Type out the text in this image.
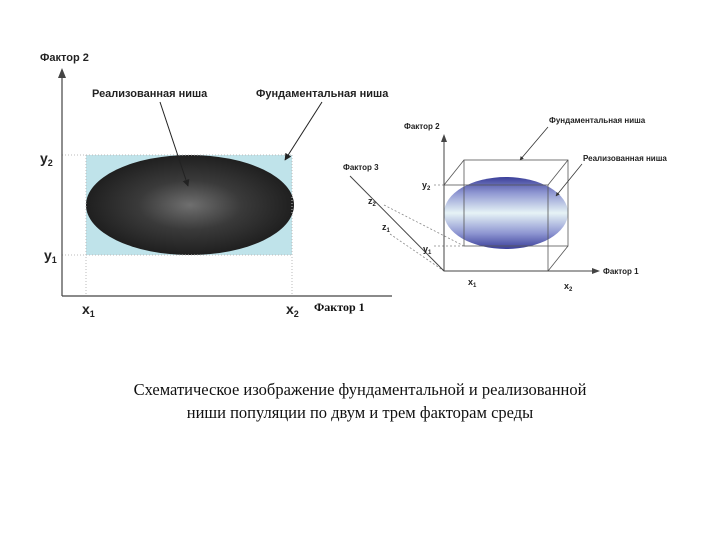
Фактор 2
Реализованная ниша	Фундаментальная ниша
$y_2$
$y_1$
$x_1$	$x_2$ Фактор 1
Фактор 2
Фундаментальная ниша
Реализованная ниша
Фактор 3
Фактор 1
$y_2$
$y_1$
$z_2$
$z_1$
$x_1$	$x_2$
Схематическое изображение фундаментальной и реализованной
ниши популяции по двум и трем факторам среды
